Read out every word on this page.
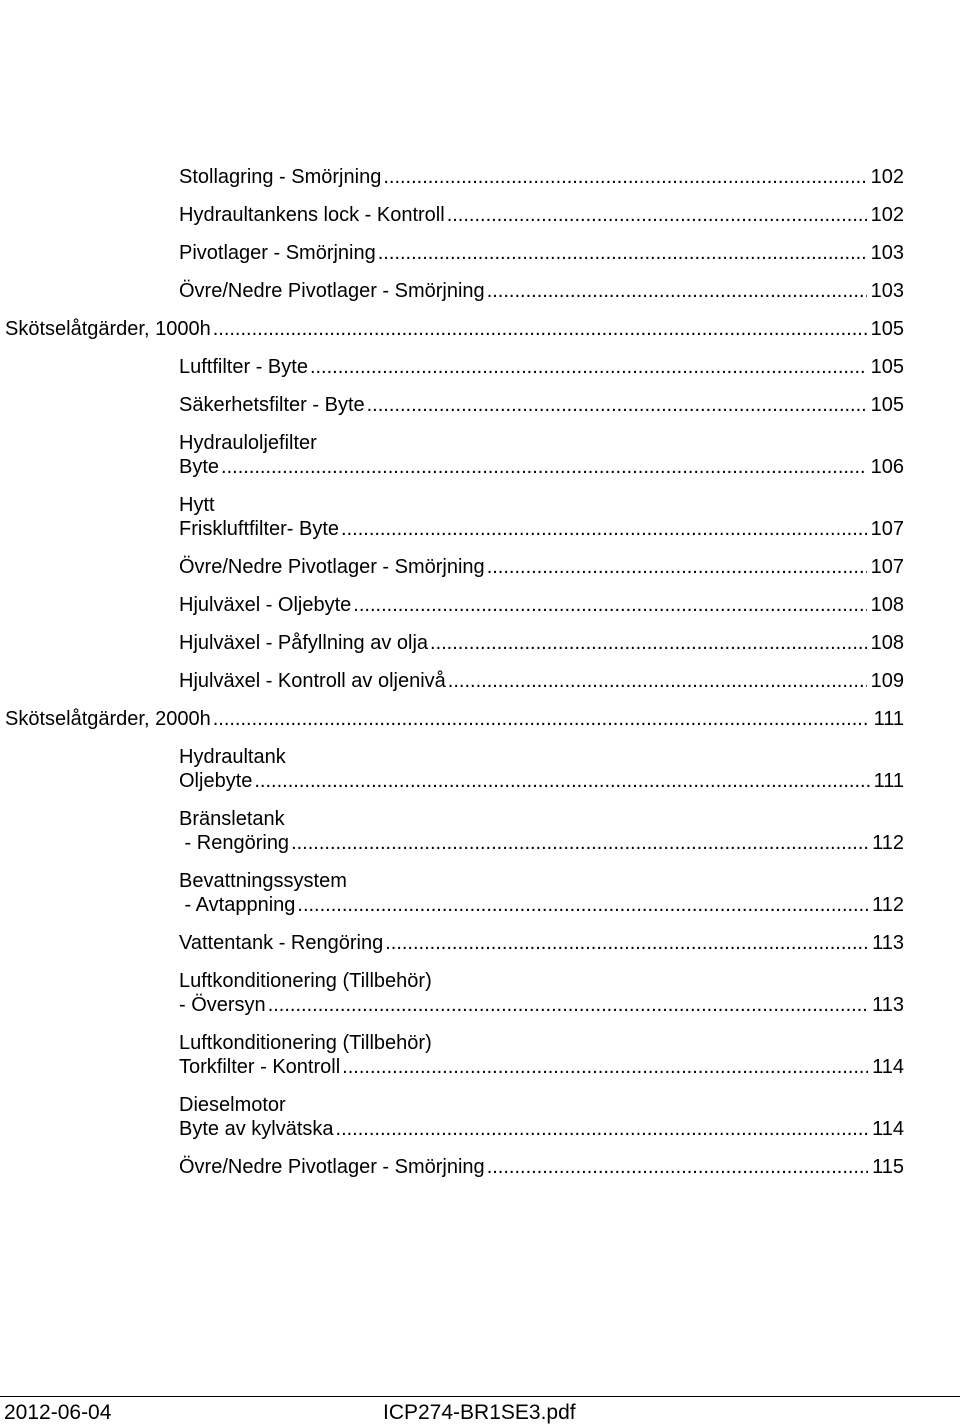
Stollagring - Smörjning .....	102
Hydraultankens lock - Kontroll .....	102
Pivotlager - Smörjning .....	103
Övre/Nedre Pivotlager - Smörjning .....	103
Skötselåtgärder, 1000h .....	105
Luftfilter - Byte .....	105
Säkerhetsfilter - Byte .....	105
Hydrauloljefilter
Byte .....	106
Hytt
Friskluftfilter- Byte .....	107
Övre/Nedre Pivotlager - Smörjning .....	107
Hjulväxel - Oljebyte .....	108
Hjulväxel - Påfyllning av olja .....	108
Hjulväxel - Kontroll av oljenivå .....	109
Skötselåtgärder, 2000h .....	111
Hydraultank
Oljebyte .....	111
Bränsletank
- Rengöring .....	112
Bevattningssystem
- Avtappning .....	112
Vattentank - Rengöring .....	113
Luftkonditionering (Tillbehör)
- Översyn .....	113
Luftkonditionering (Tillbehör)
Torkfilter - Kontroll .....	114
Dieselmotor
Byte av kylvätska .....	114
Övre/Nedre Pivotlager - Smörjning .....	115
2012-06-04	ICP274-BR1SE3.pdf
